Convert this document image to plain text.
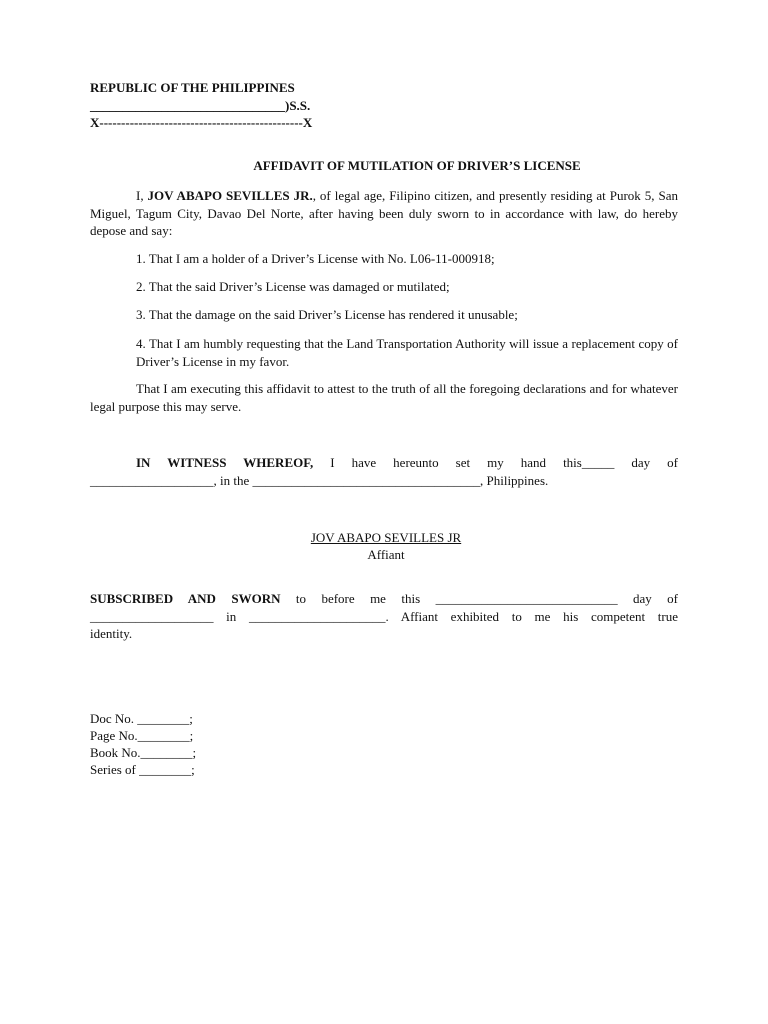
REPUBLIC OF THE PHILIPPINES
______________________________)S.S.
X-----------------------------------------------X
AFFIDAVIT OF MUTILATION OF DRIVER’S LICENSE
I, JOV ABAPO SEVILLES JR., of legal age, Filipino citizen, and presently residing at Purok 5, San Miguel, Tagum City, Davao Del Norte, after having been duly sworn to in accordance with law, do hereby depose and say:
1. That I am a holder of a Driver’s License with No. L06-11-000918;
2. That the said Driver’s License was damaged or mutilated;
3. That the damage on the said Driver’s License has rendered it unusable;
4. That I am humbly requesting that the Land Transportation Authority will issue a replacement copy of Driver’s License in my favor.
That I am executing this affidavit to attest to the truth of all the foregoing declarations and for whatever legal purpose this may serve.
IN WITNESS WHEREOF, I have hereunto set my hand this_____ day of
___________________, in the ___________________________________, Philippines.
JOV ABAPO SEVILLES JR
Affiant
SUBSCRIBED AND SWORN to before me this ____________________________ day of
___________________ in _____________________. Affiant exhibited to me his competent true
identity.
Doc No. ________;
Page No.________;
Book No.________;
Series of ________;
